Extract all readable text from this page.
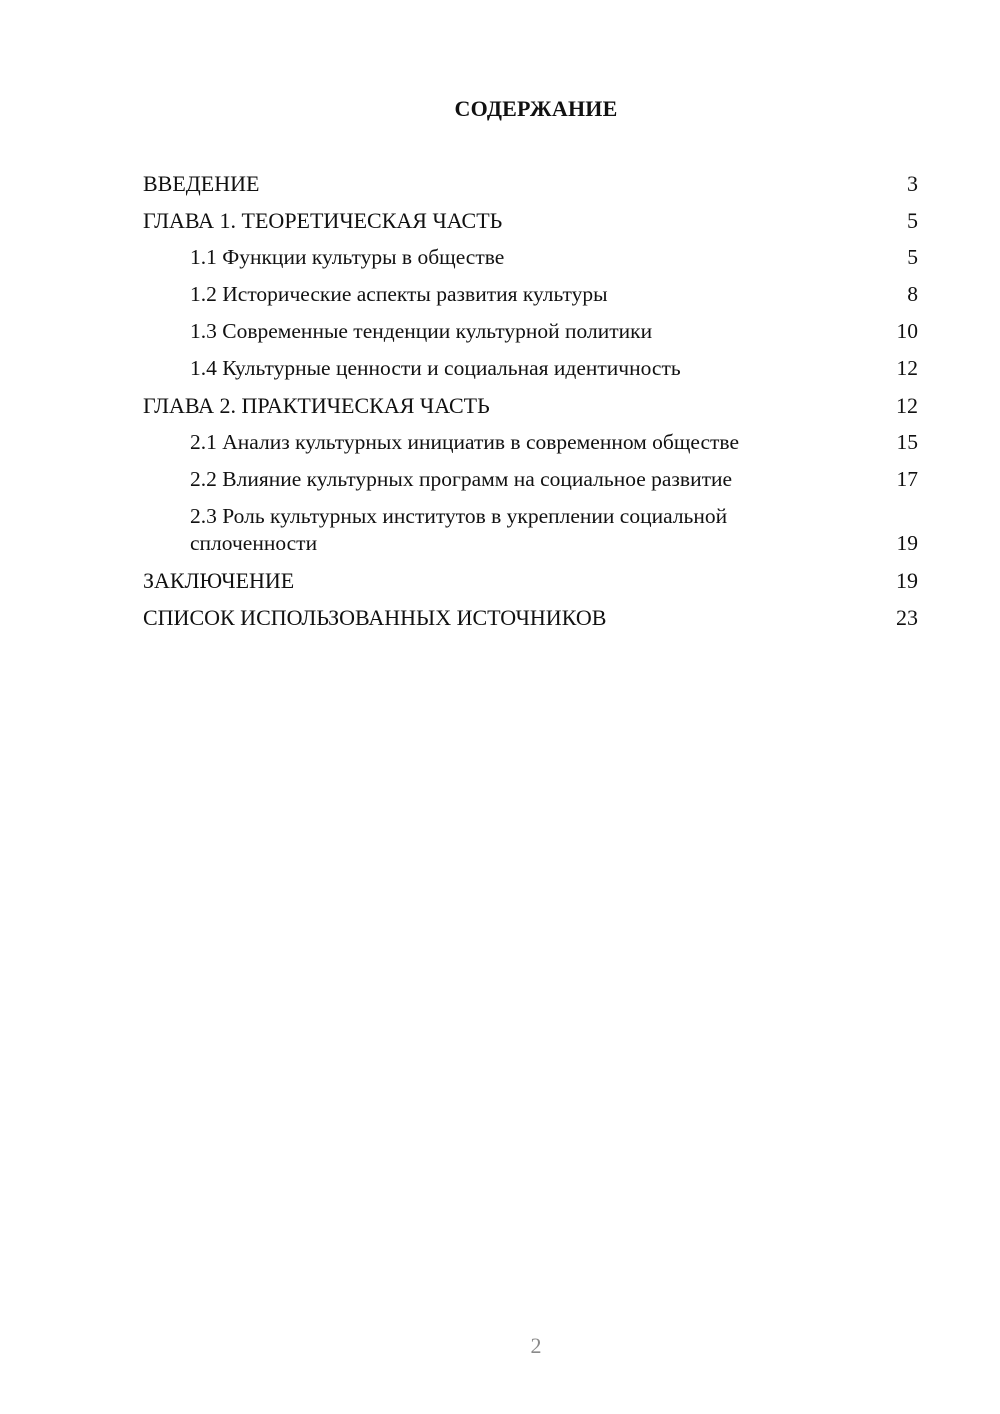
СОДЕРЖАНИЕ
ВВЕДЕНИЕ	3
ГЛАВА 1. ТЕОРЕТИЧЕСКАЯ ЧАСТЬ	5
1.1 Функции культуры в обществе	5
1.2 Исторические аспекты развития культуры	8
1.3 Современные тенденции культурной политики	10
1.4 Культурные ценности и социальная идентичность	12
ГЛАВА 2. ПРАКТИЧЕСКАЯ ЧАСТЬ	12
2.1 Анализ культурных инициатив в современном обществе	15
2.2 Влияние культурных программ на социальное развитие	17
2.3 Роль культурных институтов в укреплении социальной сплоченности	19
ЗАКЛЮЧЕНИЕ	19
СПИСОК ИСПОЛЬЗОВАННЫХ ИСТОЧНИКОВ	23
2
